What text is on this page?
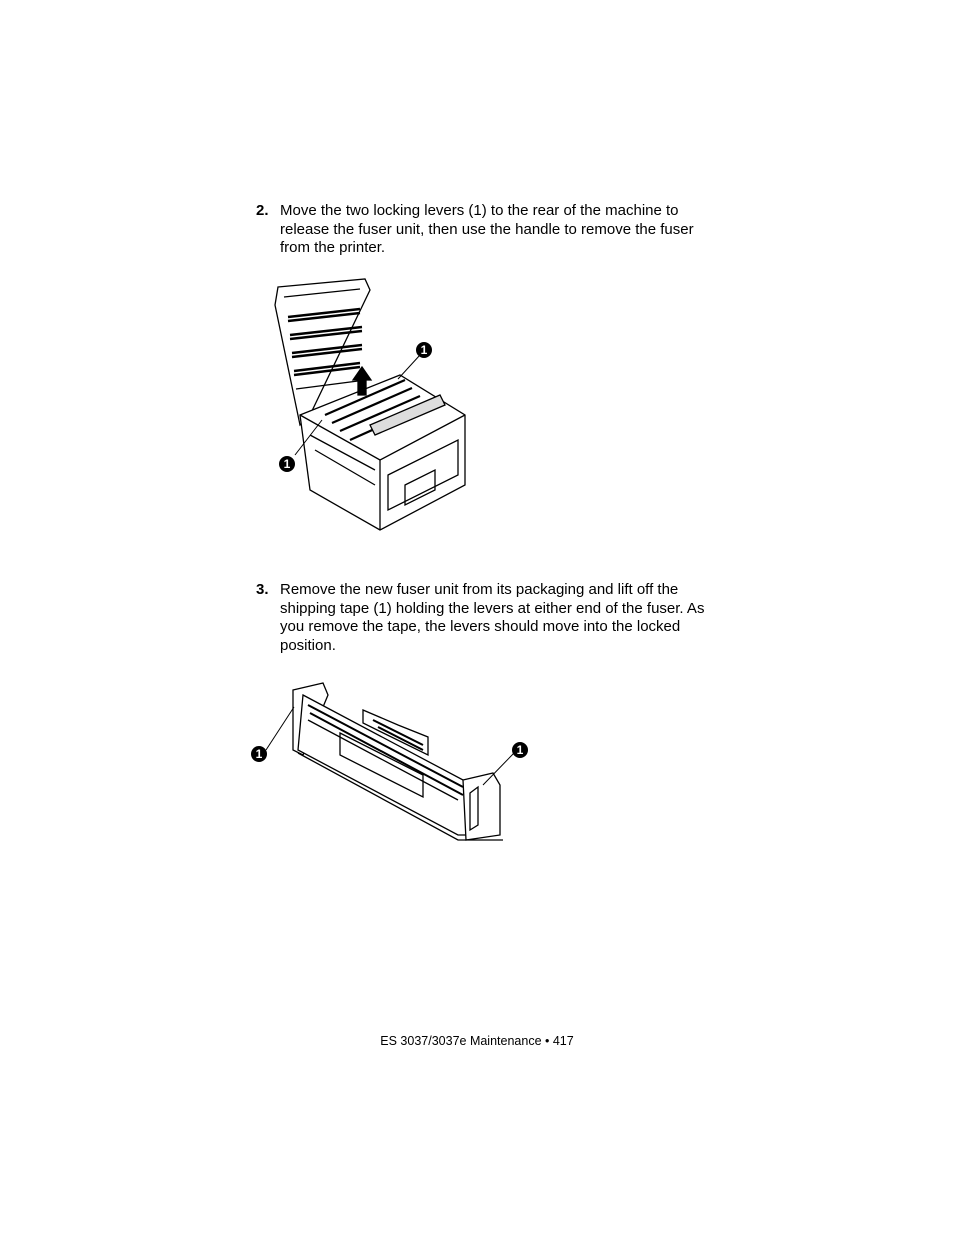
2. Move the two locking levers (1) to the rear of the machine to release the fuser unit, then use the handle to remove the fuser from the printer.
1
1
3. Remove the new fuser unit from its packaging and lift off the shipping tape (1) holding the levers at either end of the fuser. As you remove the tape, the levers should move into the locked position.
1	1
ES 3037/3037e Maintenance • 417
